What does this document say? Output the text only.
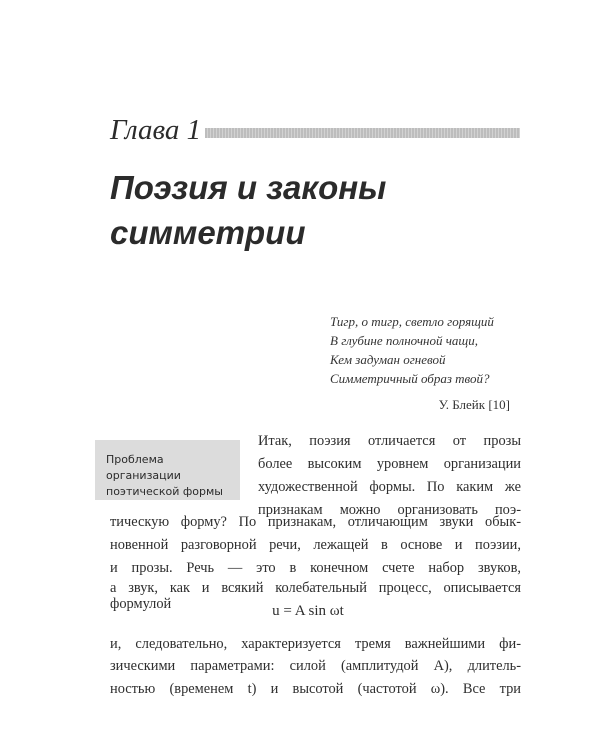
Глава 1
Поэзия и законы
симметрии
Тигр, о тигр, светло горящий
В глубине полночной чащи,
Кем задуман огневой
Симметричный образ твой?
У. Блейк [10]
Проблема
организации
поэтической формы
Итак, поэзия отличается от прозы
более высоким уровнем организации
художественной формы. По каким же
признакам можно организовать поэ-
тическую форму? По признакам, отличающим звуки обык-
новенной разговорной речи, лежащей в основе и поэзии,
и прозы. Речь — это в конечном счете набор звуков,
а звук, как и всякий колебательный процесс, описывается
формулой	u = A sin ωt
и, следовательно, характеризуется тремя важнейшими фи-
зическими параметрами: силой (амплитудой A), длитель-
ностью (временем t) и высотой (частотой ω). Все три
